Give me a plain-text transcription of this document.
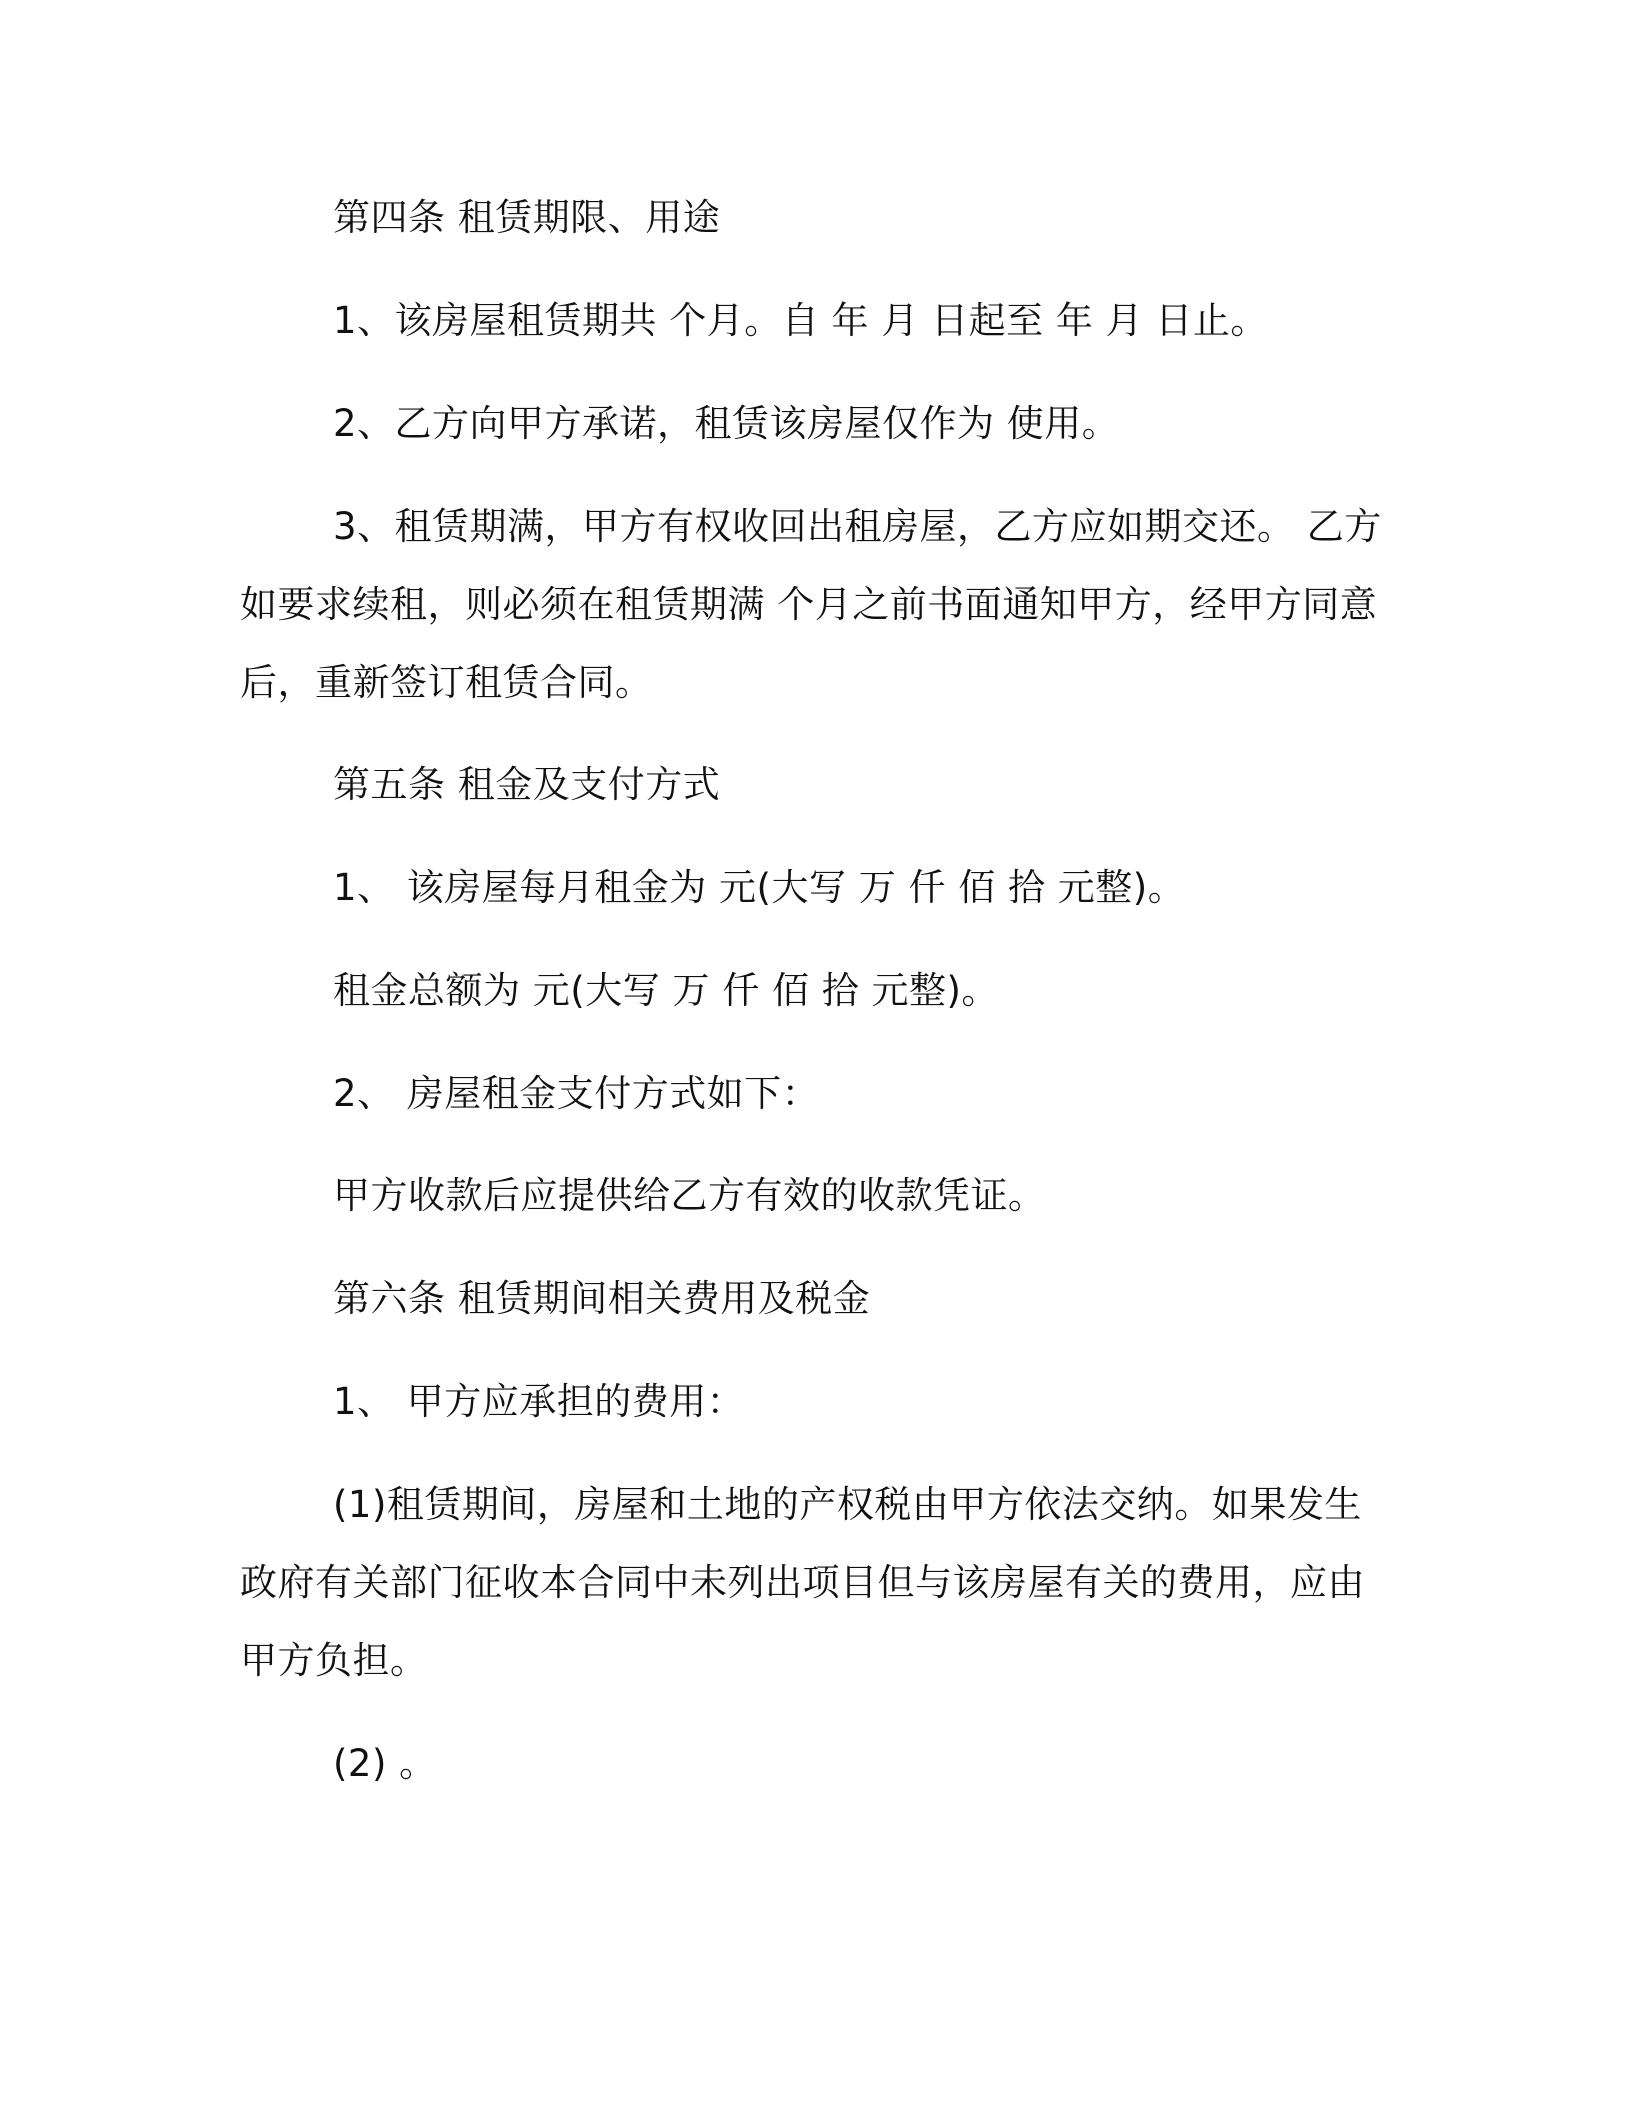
第四条 租赁期限、用途
1、该房屋租赁期共 个月。自 年 月 日起至 年 月 日止。
2、乙方向甲方承诺，租赁该房屋仅作为 使用。
3、租赁期满，甲方有权收回出租房屋，乙方应如期交还。 乙方
如要求续租，则必须在租赁期满 个月之前书面通知甲方，经甲方同意
后，重新签订租赁合同。
第五条 租金及支付方式
1、 该房屋每月租金为 元(大写 万 仟 佰 拾 元整)。
租金总额为 元(大写 万 仟 佰 拾 元整)。
2、 房屋租金支付方式如下：
甲方收款后应提供给乙方有效的收款凭证。
第六条 租赁期间相关费用及税金
1、 甲方应承担的费用：
(1)租赁期间，房屋和土地的产权税由甲方依法交纳。如果发生
政府有关部门征收本合同中未列出项目但与该房屋有关的费用，应由
甲方负担。
(2) 。
